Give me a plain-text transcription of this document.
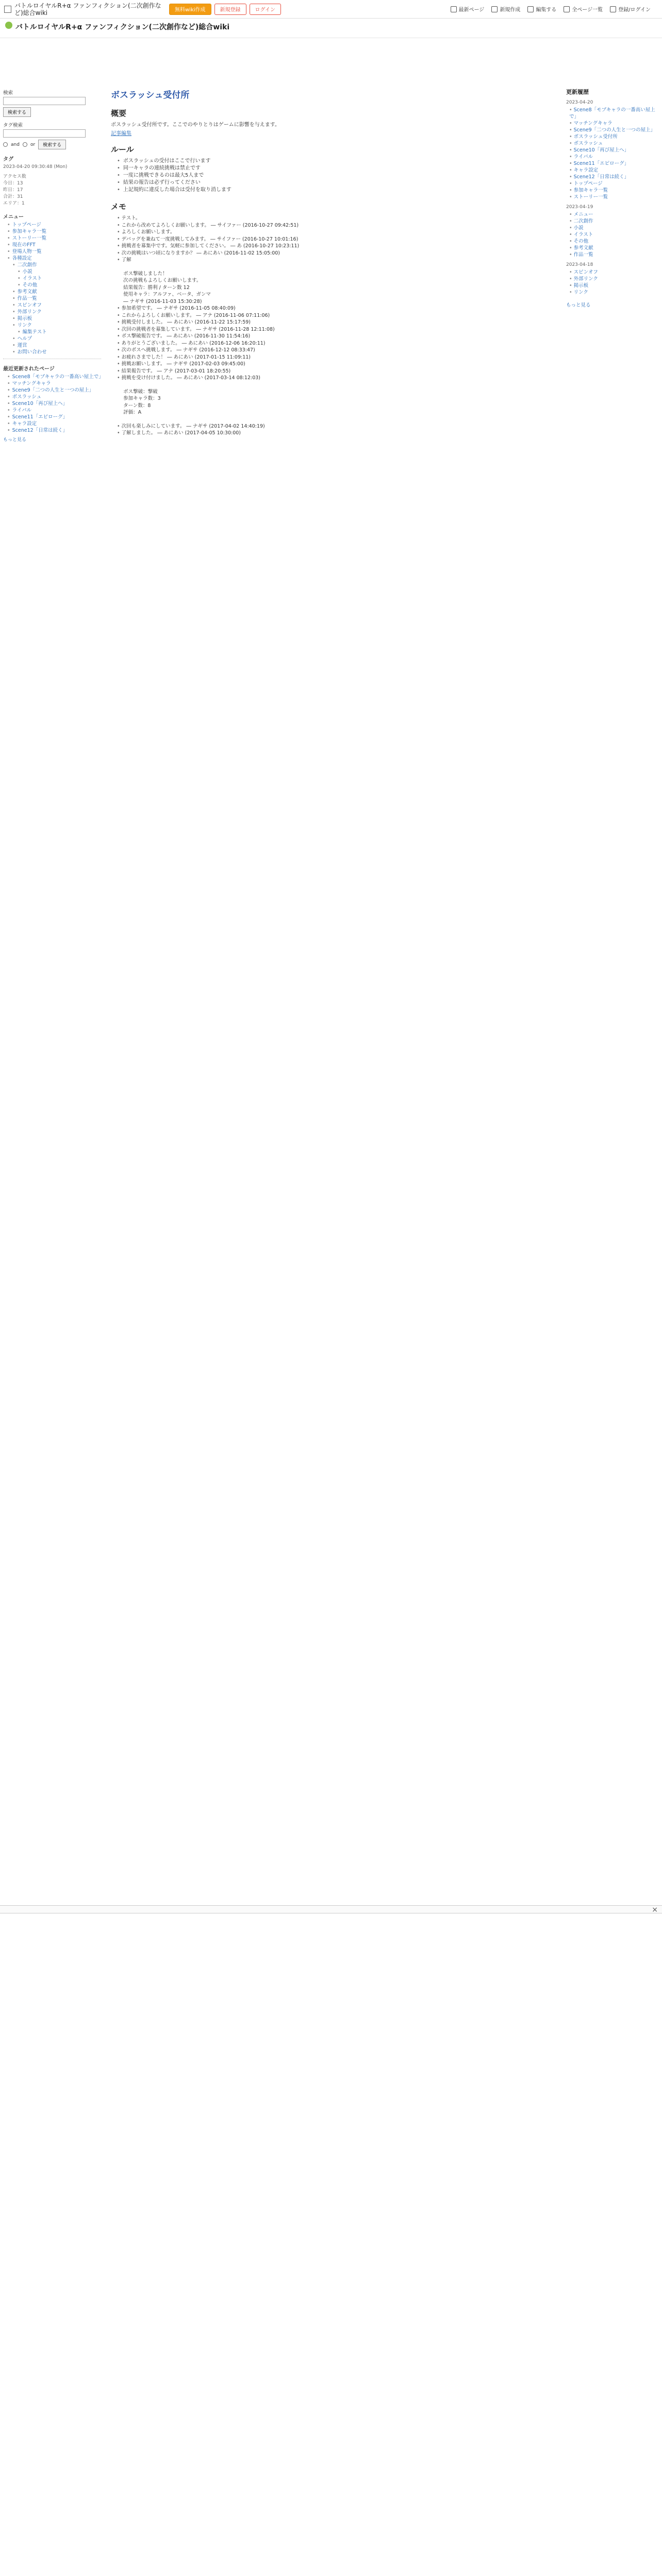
バトルロイヤルR+α ファンフィクション(二次創作など)総合wiki	無料wiki作成	新規登録	ログイン	最新ページ	新規作成	編集する	全ページ一覧	登録/ログイン
バトルロイヤルR+α ファンフィクション(二次創作など)総合wiki
検索
検索する
タグ検索
and or	検索する
タグ
2023-04-20 09:30:48 (Mon)
アクセス数
今日：13
昨日：17
合計：31
エリア：1
メニュー
• トップページ
• 参加キャラ一覧
• ストーリー一覧
• 現在のFFT
• 登場人物一覧
• 各種設定
• 二次創作
• 小説
• イラスト
• その他
• 参考文献
• 作品一覧
• スピンオフ
• 外部リンク
• 掲示板
• リンク
• 編集テスト
• ヘルプ
• 運営
• お問い合わせ
最近更新されたページ
• Scene8「モブキャラの一番高い屋上で」
• マッチングキャラ
• Scene9「二つの人生と一つの屋上」
• ボスラッシュ
• Scene10「再び屋上へ」
• ライバル
• Scene11「エピローグ」
• キャラ設定
• Scene12「日常は続く」
もっと見る
ボスラッシュ受付所
概要

ボスラッシュ受付所です。ここでのやりとりはゲームに影響を与えます。

記事編集
ルール
• ボスラッシュの受付はここで行います
• 同一キャラの連続挑戦は禁止です
• 一度に挑戦できるのは最大5人まで
• 結果の報告は必ず行ってください
• 上記規約に違反した場合は受付を取り消します
メモ
• テスト。
• これから改めてよろしくお願いします。 ― サイファー (2016-10-27 09:42:51)
• よろしくお願いします。
• デバッグを兼ねて一度挑戦してみます。 ― サイファー (2016-10-27 10:01:16)
• 挑戦者を募集中です。気軽に参加してください。 ― あ (2016-10-27 10:23:11)
• 次の挑戦はいつ頃になりますか？ ― あにあい (2016-11-02 15:05:00)
• 了解
ボス撃破しました！
次の挑戦もよろしくお願いします。
結果報告：勝利 / ターン数 12
使用キャラ：アルファ、ベータ、ガンマ
― ナギサ (2016-11-03 15:30:28)
• 参加希望です。 ― ナギサ (2016-11-05 08:40:09)
• これからよろしくお願いします。 ― アナ (2016-11-06 07:11:06)
• 挑戦受付しました。 ― あにあい (2016-11-22 15:17:59)
• 次回の挑戦者を募集しています。 ― ナギサ (2016-11-28 12:11:08)
• ボス撃破報告です。 ― あにあい (2016-11-30 11:54:16)
• ありがとうございました。 ― あにあい (2016-12-06 16:20:11)
• 次のボスへ挑戦します。 ― ナギサ (2016-12-12 08:33:47)
• お疲れさまでした！ ― あにあい (2017-01-15 11:09:11)
• 挑戦お願いします。 ― ナギサ (2017-02-03 09:45:00)
• 結果報告です。 ― アナ (2017-03-01 18:20:55)
• 挑戦を受け付けました。 ― あにあい (2017-03-14 08:12:03)
ボス撃破：撃破
参加キャラ数：3
ターン数：8
評価：A
• 次回も楽しみにしています。 ― ナギサ (2017-04-02 14:40:19)
• 了解しました。 ― あにあい (2017-04-05 10:30:00)
更新履歴
2023-04-20
• Scene8「モブキャラの一番高い屋上で」
• マッチングキャラ
• Scene9「二つの人生と一つの屋上」
• ボスラッシュ受付所
• ボスラッシュ
• Scene10「再び屋上へ」
• ライバル
• Scene11「エピローグ」
• キャラ設定
• Scene12「日常は続く」
• トップページ
• 参加キャラ一覧
• ストーリー一覧
2023-04-19
• メニュー
• 二次創作
• 小説
• イラスト
• その他
• 参考文献
• 作品一覧
2023-04-18
• スピンオフ
• 外部リンク
• 掲示板
• リンク
もっと見る
×
